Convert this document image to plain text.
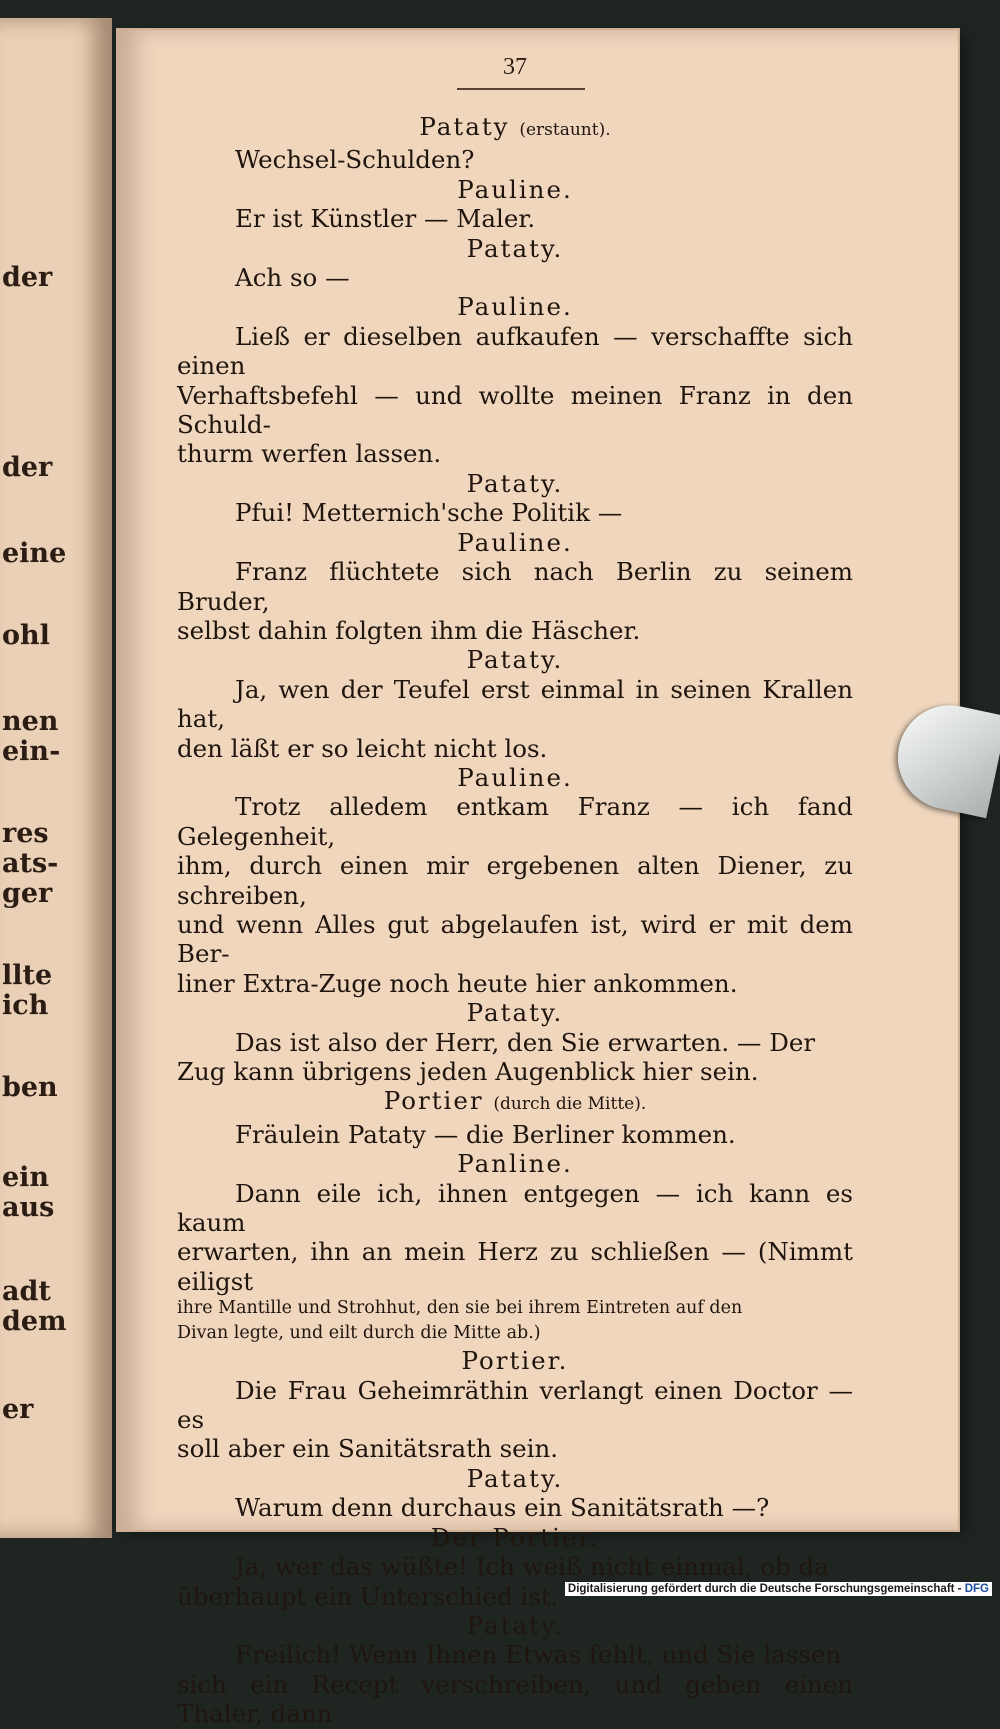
der
der
eine
ohl
nen
ein-
res
ats-
ger
llte
ich
ben
ein
aus
adt
dem
er
37
Pataty (erstaunt).
Wechsel-Schulden?
Pauline.
Er ist Künstler — Maler.
Pataty.
Ach so —
Pauline.
Ließ er dieselben aufkaufen — verschaffte sich einen
Verhaftsbefehl — und wollte meinen Franz in den Schuld-
thurm werfen lassen.
Pataty.
Pfui! Metternich'sche Politik —
Pauline.
Franz flüchtete sich nach Berlin zu seinem Bruder,
selbst dahin folgten ihm die Häscher.
Pataty.
Ja, wen der Teufel erst einmal in seinen Krallen hat,
den läßt er so leicht nicht los.
Pauline.
Trotz alledem entkam Franz — ich fand Gelegenheit,
ihm, durch einen mir ergebenen alten Diener, zu schreiben,
und wenn Alles gut abgelaufen ist, wird er mit dem Ber-
liner Extra-Zuge noch heute hier ankommen.
Pataty.
Das ist also der Herr, den Sie erwarten. — Der
Zug kann übrigens jeden Augenblick hier sein.
Portier (durch die Mitte).
Fräulein Pataty — die Berliner kommen.
Panline.
Dann eile ich, ihnen entgegen — ich kann es kaum
erwarten, ihn an mein Herz zu schließen — (Nimmt eiligst
ihre Mantille und Strohhut, den sie bei ihrem Eintreten auf den
Divan legte, und eilt durch die Mitte ab.)
Portier.
Die Frau Geheimräthin verlangt einen Doctor — es
soll aber ein Sanitätsrath sein.
Pataty.
Warum denn durchaus ein Sanitätsrath —?
Der Portier.
Ja, wer das wüßte! Ich weiß nicht einmal, ob da
überhaupt ein Unterschied ist.
Pataty.
Freilich! Wenn Ihnen Etwas fehlt, und Sie lassen
sich ein Recept verschreiben, und geben einen Thaler, dann
Digitalisierung gefördert durch die Deutsche Forschungsgemeinschaft - DFG
